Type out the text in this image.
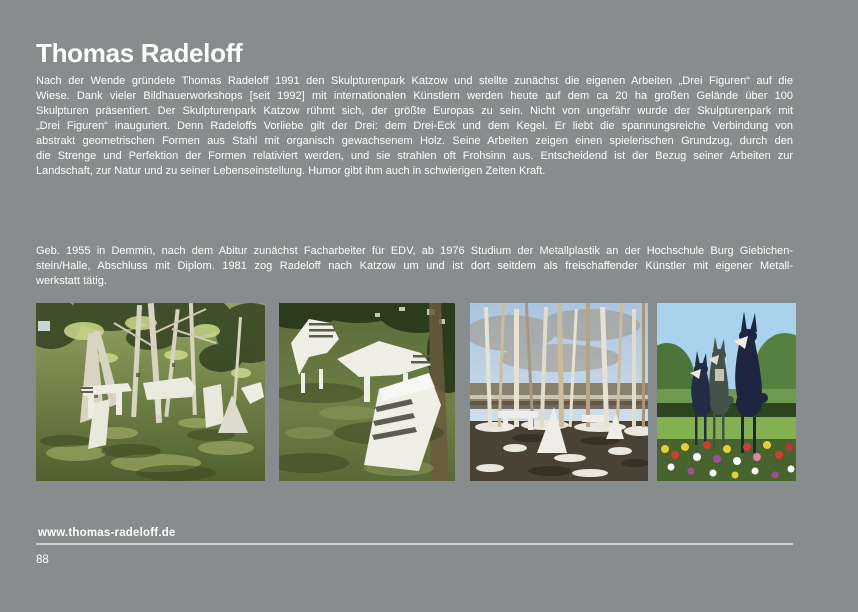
Thomas Radeloff
Nach der Wende gründete Thomas Radeloff 1991 den Skulpturenpark Katzow und stellte zunächst die eigenen Arbeiten „Drei Figuren“ auf die
Wiese. Dank vieler Bildhauerworkshops [seit 1992] mit internationalen Künstlern werden heute auf dem ca 20 ha großen Gelände über 100
Skulpturen präsentiert. Der Skulpturenpark Katzow rühmt sich, der größte Europas zu sein. Nicht von ungefähr wurde der Skulpturenpark mit
„Drei Figuren“ inauguriert. Denn Radeloffs Vorliebe gilt der Drei: dem Drei-Eck und dem Kegel. Er liebt die spannungsreiche Verbindung von
abstrakt geometrischen Formen aus Stahl mit organisch gewachsenem Holz. Seine Arbeiten zeigen einen spielerischen Grundzug, durch den
die Strenge und Perfektion der Formen relativiert werden, und sie strahlen oft Frohsinn aus. Entscheidend ist der Bezug seiner Arbeiten zur
Landschaft, zur Natur und zu seiner Lebenseinstellung. Humor gibt ihm auch in schwierigen Zeiten Kraft.
Geb. 1955 in Demmin, nach dem Abitur zunächst Facharbeiter für EDV, ab 1976 Studium der Metallplastik an der Hochschule Burg Giebichen-
stein/Halle, Abschluss mit Diplom. 1981 zog Radeloff nach Katzow um und ist dort seitdem als freischaffender Künstler mit eigener Metall-
werkstatt tätig.
www.thomas-radeloff.de
88
